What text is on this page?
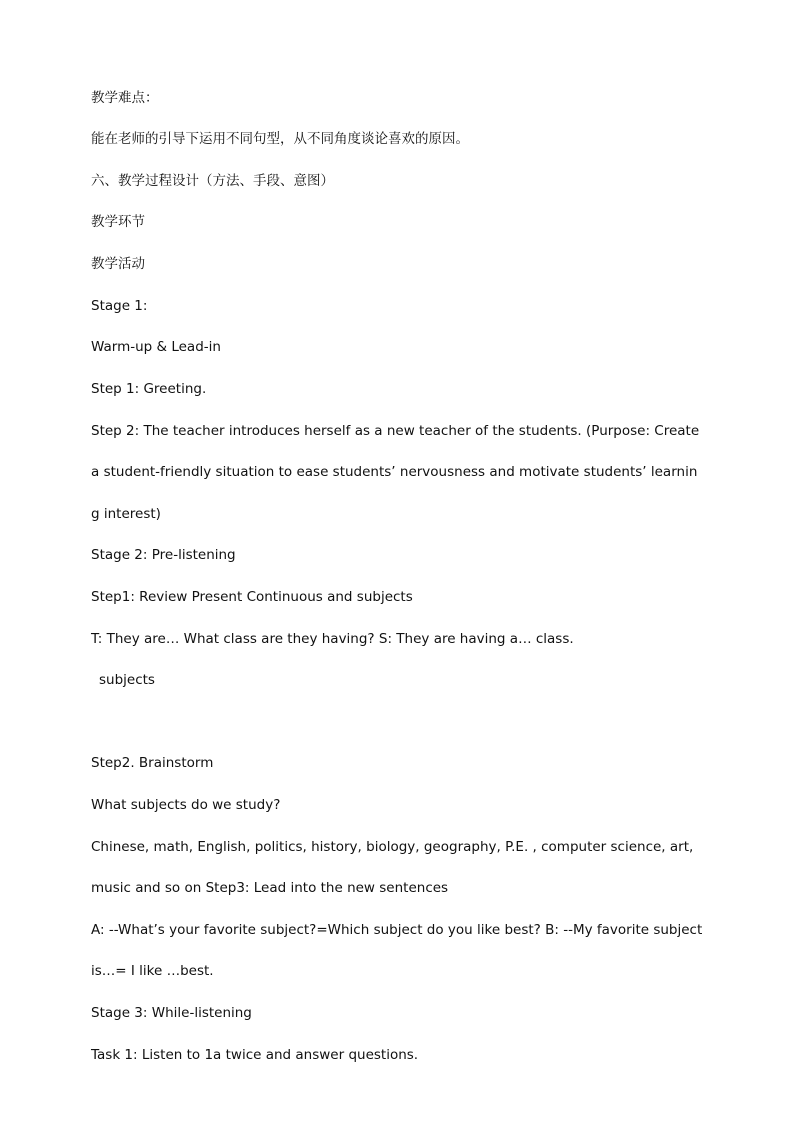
教学难点：
能在老师的引导下运用不同句型，从不同角度谈论喜欢的原因。
六、教学过程设计（方法、手段、意图）
教学环节
教学活动
Stage 1:
Warm-up & Lead-in
Step 1: Greeting.
Step 2: The teacher introduces herself as a new teacher of the students. (Purpose: Create
a student-friendly situation to ease students’ nervousness and motivate students’ learnin
g interest)
Stage 2: Pre-listening
Step1: Review Present Continuous and subjects
T: They are… What class are they having? S: They are having a… class.
subjects
Step2. Brainstorm
What subjects do we study?
Chinese, math, English, politics, history, biology, geography, P.E. , computer science, art,
music and so on Step3: Lead into the new sentences
A: --What’s your favorite subject?=Which subject do you like best? B: --My favorite subject
is…= I like …best.
Stage 3: While-listening
Task 1: Listen to 1a twice and answer questions.
